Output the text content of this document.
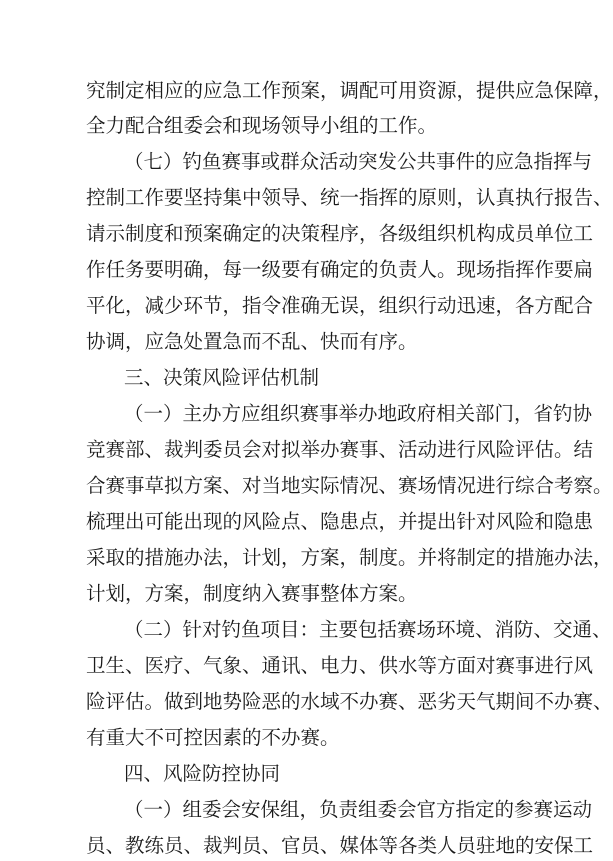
究制定相应的应急工作预案，调配可用资源，提供应急保障，
全力配合组委会和现场领导小组的工作。
（七）钓鱼赛事或群众活动突发公共事件的应急指挥与
控制工作要坚持集中领导、统一指挥的原则，认真执行报告、
请示制度和预案确定的决策程序，各级组织机构成员单位工
作任务要明确，每一级要有确定的负责人。现场指挥作要扁
平化，减少环节，指令准确无误，组织行动迅速，各方配合
协调，应急处置急而不乱、快而有序。
三、决策风险评估机制
（一）主办方应组织赛事举办地政府相关部门，省钓协
竞赛部、裁判委员会对拟举办赛事、活动进行风险评估。结
合赛事草拟方案、对当地实际情况、赛场情况进行综合考察。
梳理出可能出现的风险点、隐患点，并提出针对风险和隐患
采取的措施办法，计划，方案，制度。并将制定的措施办法，
计划，方案，制度纳入赛事整体方案。
（二）针对钓鱼项目：主要包括赛场环境、消防、交通、
卫生、医疗、气象、通讯、电力、供水等方面对赛事进行风
险评估。做到地势险恶的水域不办赛、恶劣天气期间不办赛、
有重大不可控因素的不办赛。
四、风险防控协同
（一）组委会安保组，负责组委会官方指定的参赛运动
员、教练员、裁判员、官员、媒体等各类人员驻地的安保工
